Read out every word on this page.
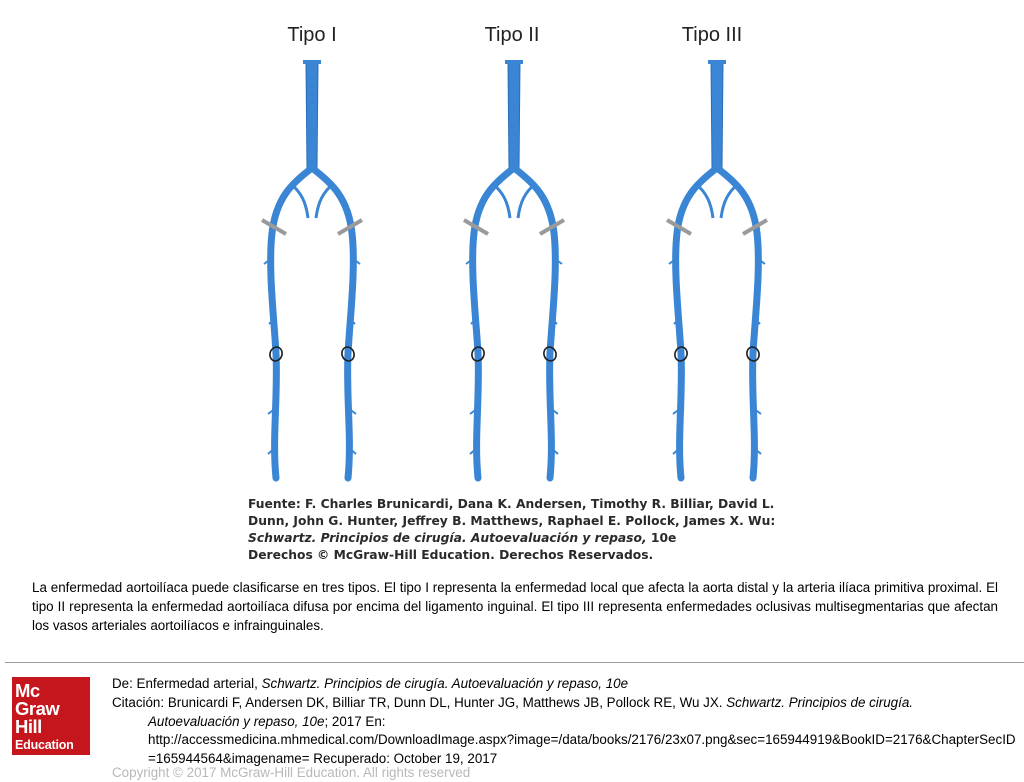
Tipo I	Tipo II	Tipo III
Fuente: F. Charles Brunicardi, Dana K. Andersen, Timothy R. Billiar, David L.
Dunn, John G. Hunter, Jeffrey B. Matthews, Raphael E. Pollock, James X. Wu:
Schwartz. Principios de cirugía. Autoevaluación y repaso, 10e
Derechos © McGraw-Hill Education. Derechos Reservados.
La enfermedad aortoilíaca puede clasificarse en tres tipos. El tipo I representa la enfermedad local que afecta la aorta distal y la arteria ilíaca primitiva proximal. El tipo II representa la enfermedad aortoilíaca difusa por encima del ligamento inguinal. El tipo III representa enfermedades oclusivas multisegmentarias que afectan los vasos arteriales aortoilíacos e infrainguinales.
Mc
Graw
Hill
Education
De: Enfermedad arterial, Schwartz. Principios de cirugía. Autoevaluación y repaso, 10e
Citación: Brunicardi F, Andersen DK, Billiar TR, Dunn DL, Hunter JG, Matthews JB, Pollock RE, Wu JX. Schwartz. Principios de cirugía.
Autoevaluación y repaso, 10e; 2017 En:
http://accessmedicina.mhmedical.com/DownloadImage.aspx?image=/data/books/2176/23x07.png&sec=165944919&BookID=2176&ChapterSecID=165944564&imagename= Recuperado: October 19, 2017
Copyright © 2017 McGraw-Hill Education. All rights reserved
